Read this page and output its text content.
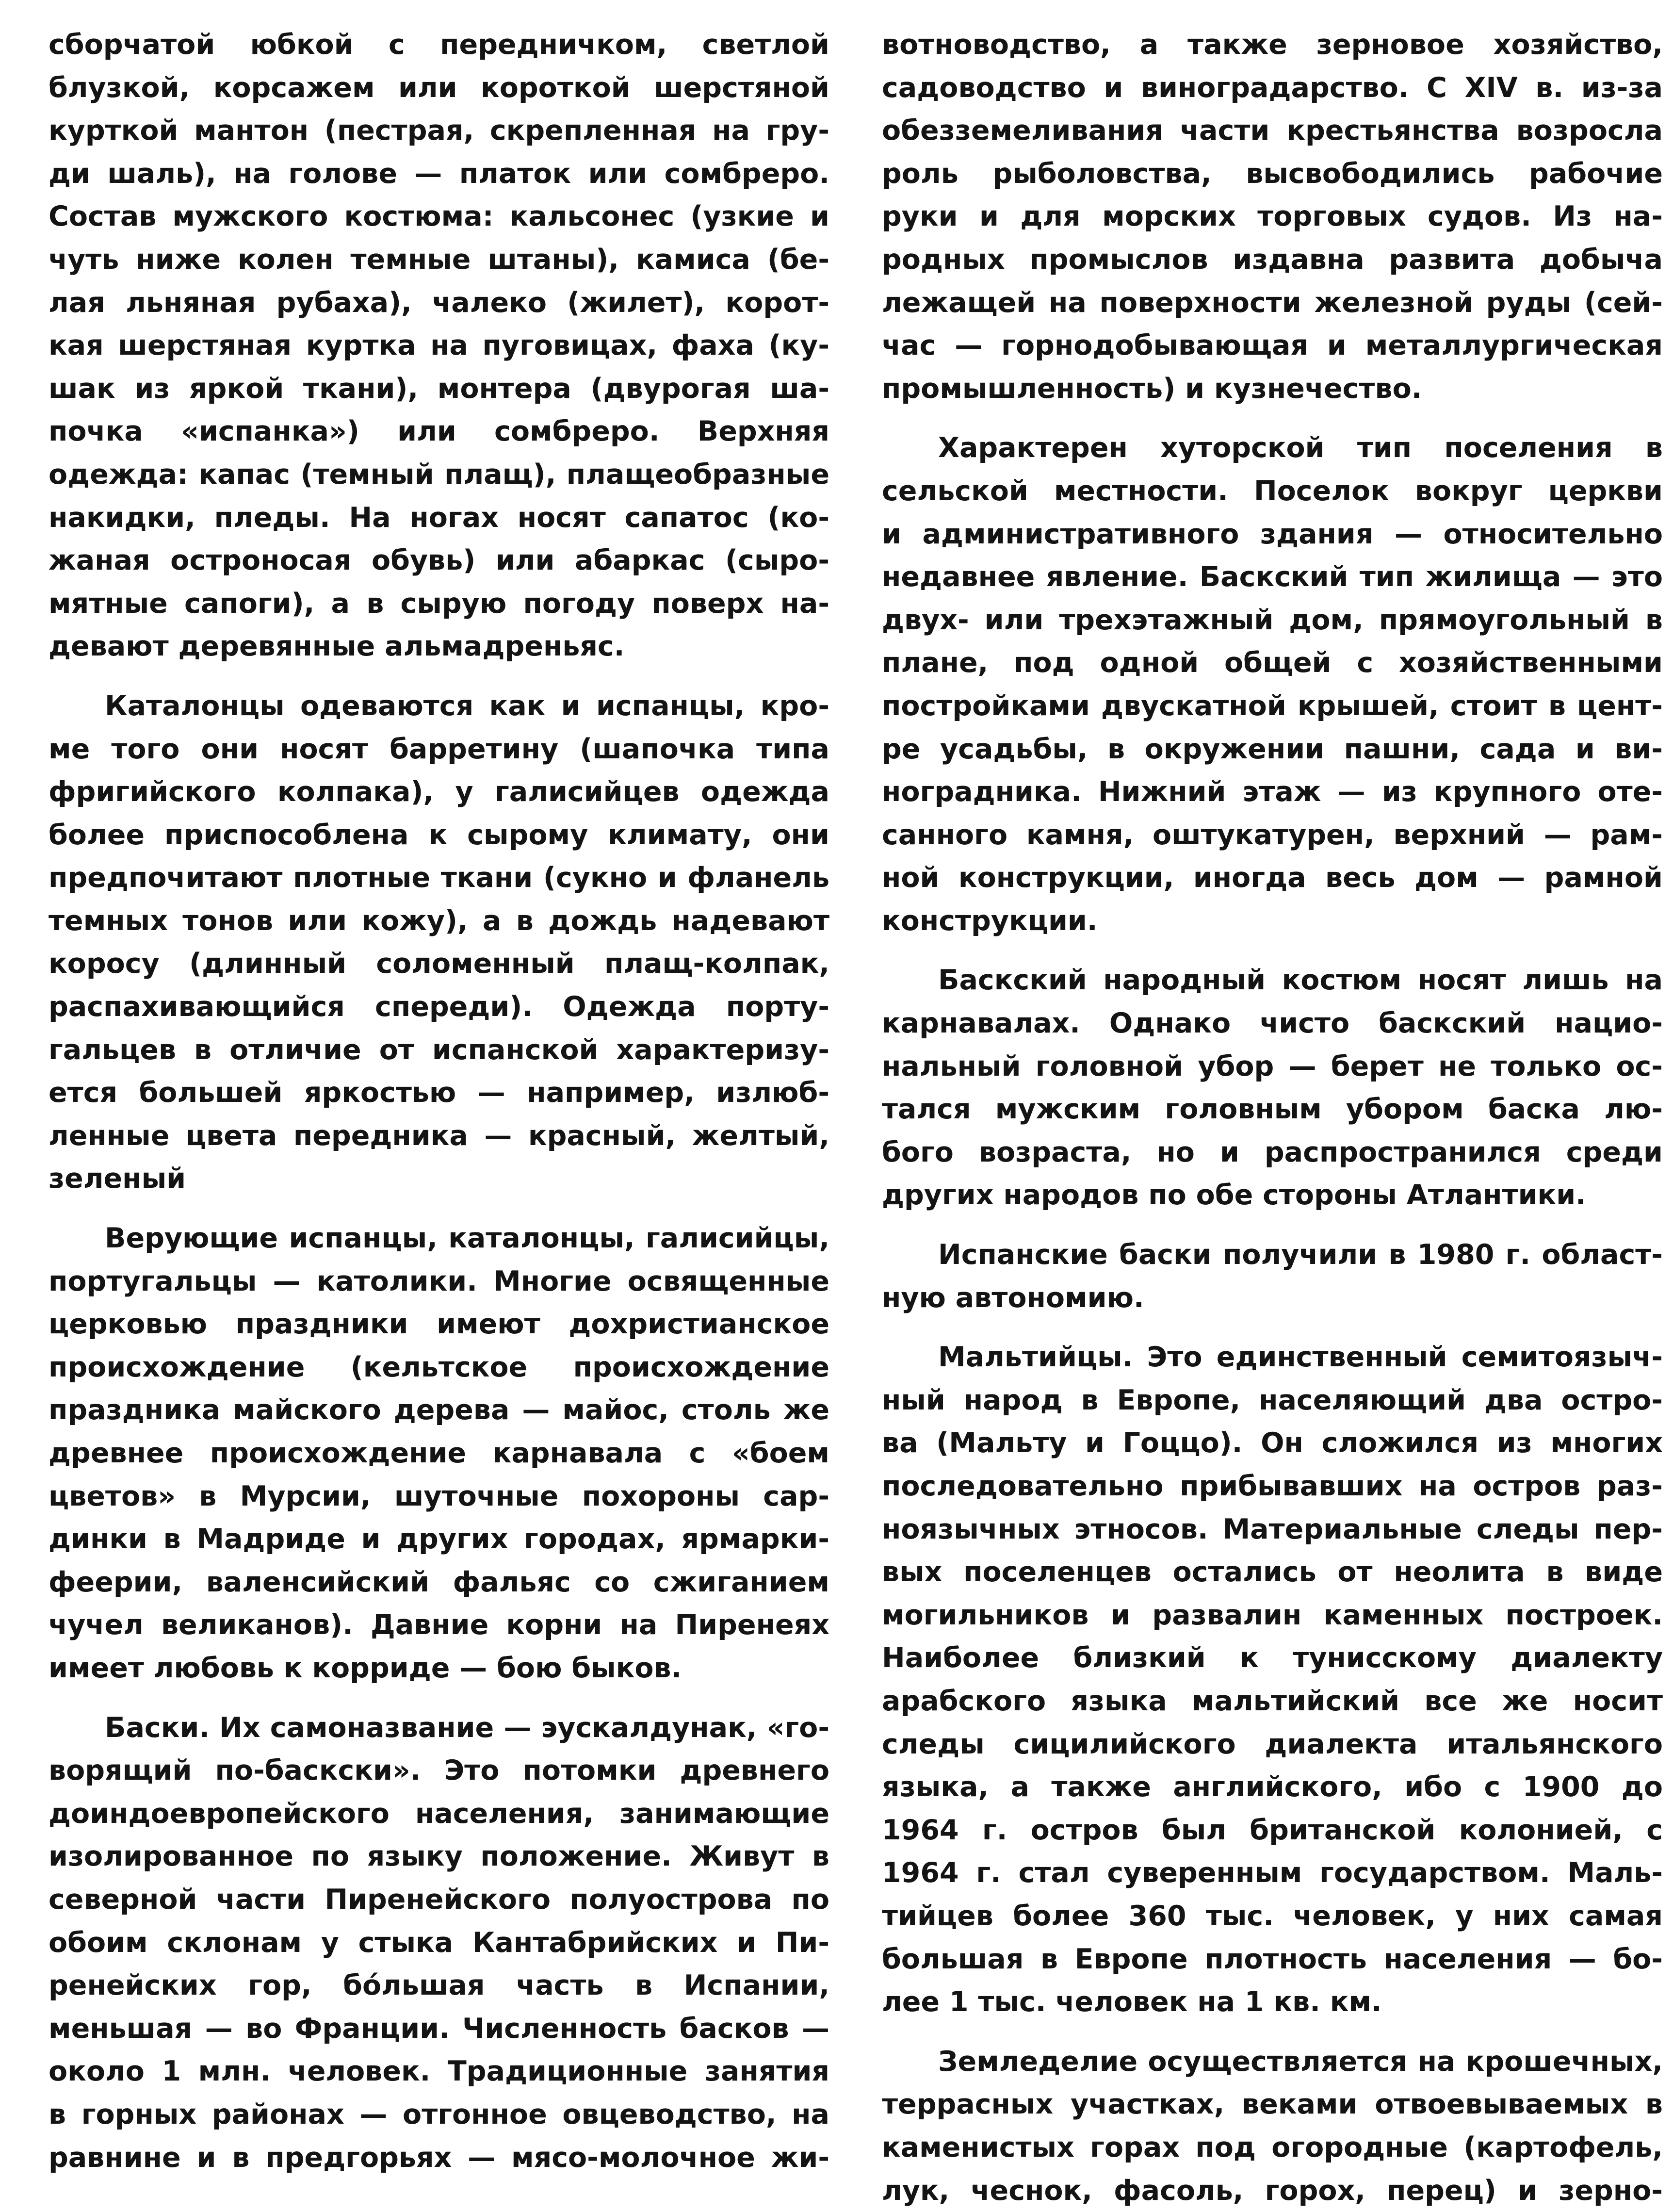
сборчатой юбкой с передничком, светлой
блузкой, корсажем или короткой шерстяной
курткой мантон (пестрая, скрепленная на гру-
ди шаль), на голове — платок или сомбреро.
Состав мужского костюма: кальсонес (узкие и
чуть ниже колен темные штаны), камиса (бе-
лая льняная рубаха), чалеко (жилет), корот-
кая шерстяная куртка на пуговицах, фаха (ку-
шак из яркой ткани), монтера (двурогая ша-
почка «испанка») или сомбреро. Верхняя
одежда: капас (темный плащ), плащеобразные
накидки, пледы. На ногах носят сапатос (ко-
жаная остроносая обувь) или абаркас (сыро-
мятные сапоги), а в сырую погоду поверх на-
девают деревянные альмадреньяс.
Каталонцы одеваются как и испанцы, кро-
ме того они носят барретину (шапочка типа
фригийского колпака), у галисийцев одежда
более приспособлена к сырому климату, они
предпочитают плотные ткани (сукно и фланель
темных тонов или кожу), а в дождь надевают
коросу (длинный соломенный плащ-колпак,
распахивающийся спереди). Одежда порту-
гальцев в отличие от испанской характеризу-
ется большей яркостью — например, излюб-
ленные цвета передника — красный, желтый,
зеленый
Верующие испанцы, каталонцы, галисийцы,
португальцы — католики. Многие освященные
церковью праздники имеют дохристианское
происхождение (кельтское происхождение
праздника майского дерева — майос, столь же
древнее происхождение карнавала с «боем
цветов» в Мурсии, шуточные похороны сар-
динки в Мадриде и других городах, ярмарки-
феерии, валенсийский фальяс со сжиганием
чучел великанов). Давние корни на Пиренеях
имеет любовь к корриде — бою быков.
Баски. Их самоназвание — эускалдунак, «го-
ворящий по-баскски». Это потомки древнего
доиндоевропейского населения, занимающие
изолированное по языку положение. Живут в
северной части Пиренейского полуострова по
обоим склонам у стыка Кантабрийских и Пи-
ренейских гор, бóльшая часть в Испании,
меньшая — во Франции. Численность басков —
около 1 млн. человек. Традиционные занятия
в горных районах — отгонное овцеводство, на
равнине и в предгорьях — мясо-молочное жи-
вотноводство, а также зерновое хозяйство,
садоводство и виноградарство. С XIV в. из-за
обезземеливания части крестьянства возросла
роль рыболовства, высвободились рабочие
руки и для морских торговых судов. Из на-
родных промыслов издавна развита добыча
лежащей на поверхности железной руды (сей-
час — горнодобывающая и металлургическая
промышленность) и кузнечество.
Характерен хуторской тип поселения в
сельской местности. Поселок вокруг церкви
и административного здания — относительно
недавнее явление. Баскский тип жилища — это
двух- или трехэтажный дом, прямоугольный в
плане, под одной общей с хозяйственными
постройками двускатной крышей, стоит в цент-
ре усадьбы, в окружении пашни, сада и ви-
ноградника. Нижний этаж — из крупного оте-
санного камня, оштукатурен, верхний — рам-
ной конструкции, иногда весь дом — рамной
конструкции.
Баскский народный костюм носят лишь на
карнавалах. Однако чисто баскский нацио-
нальный головной убор — берет не только ос-
тался мужским головным убором баска лю-
бого возраста, но и распространился среди
других народов по обе стороны Атлантики.
Испанские баски получили в 1980 г. област-
ную автономию.
Мальтийцы. Это единственный семитоязыч-
ный народ в Европе, населяющий два остро-
ва (Мальту и Гоццо). Он сложился из многих
последовательно прибывавших на остров раз-
ноязычных этносов. Материальные следы пер-
вых поселенцев остались от неолита в виде
могильников и развалин каменных построек.
Наиболее близкий к тунисскому диалекту
арабского языка мальтийский все же носит
следы сицилийского диалекта итальянского
языка, а также английского, ибо с 1900 до
1964 г. остров был британской колонией, с
1964 г. стал суверенным государством. Маль-
тийцев более 360 тыс. человек, у них самая
большая в Европе плотность населения — бо-
лее 1 тыс. человек на 1 кв. км.
Земледелие осуществляется на крошечных,
террасных участках, веками отвоевываемых в
каменистых горах под огородные (картофель,
лук, чеснок, фасоль, горох, перец) и зерно-
